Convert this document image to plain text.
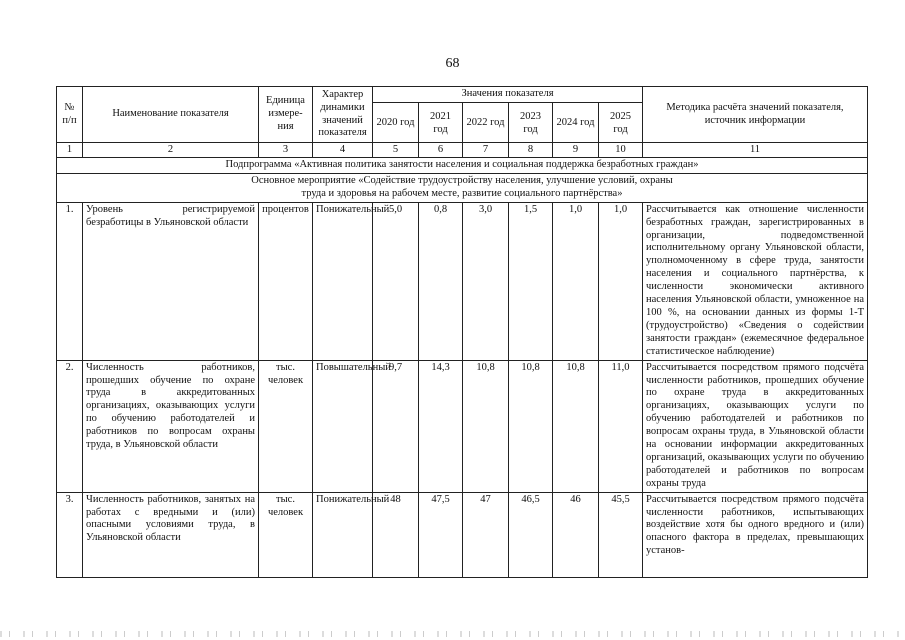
68
№ п/п	Наименование показателя	Единица измере-ния	Характер динамики значений показателя	Значения показателя						Методика расчёта значений показателя, источник информации
				2020 год	2021 год	2022 год	2023 год	2024 год	2025 год	
1	2	3	4	5	6	7	8	9	10	11
Подпрограмма «Активная политика занятости населения и социальная поддержка безработных граждан»										

Основное мероприятие «Содействие трудоустройству населения, улучшение условий, охраны труда и здоровья на рабочем месте, развитие социального партнёрства»										

1.	Уровень регистрируемой безработицы в Ульяновской области	процентов	Понижательный	5,0	0,8	3,0	1,5	1,0	1,0	Рассчитывается как отношение численности безработных граждан, зарегистрированных в организации, подведомственной исполнительному органу Ульяновской области, уполномоченному в сфере труда, занятости населения и социального партнёрства, к численности экономически активного населения Ульяновской области, умноженное на 100 %, на основании данных из формы 1-Т (трудоустройство) «Сведения о содействии занятости граждан» (ежемесячное федеральное статистическое наблюдение)
2.	Численность работников, прошедших обучение по охране труда в аккредитованных организациях, оказывающих услуги по обучению работодателей и работников по вопросам охраны труда, в Ульяновской области	тыс. человек	Повышательный	9,7	14,3	10,8	10,8	10,8	11,0	Рассчитывается посредством прямого подсчёта численности работников, прошедших обучение по охране труда в аккредитованных организациях, оказывающих услуги по обучению работодателей и работников по вопросам охраны труда, в Ульяновской области на основании информации аккредитованных организаций, оказывающих услуги по обучению работодателей и работников по вопросам охраны труда
3.	Численность работников, занятых на работах с вредными и (или) опасными условиями труда, в Ульяновской области	тыс. человек	Понижательный	48	47,5	47	46,5	46	45,5	Рассчитывается посредством прямого подсчёта численности работников, испытывающих воздействие хотя бы одного вредного и (или) опасного фактора в пределах, превышающих установ-
